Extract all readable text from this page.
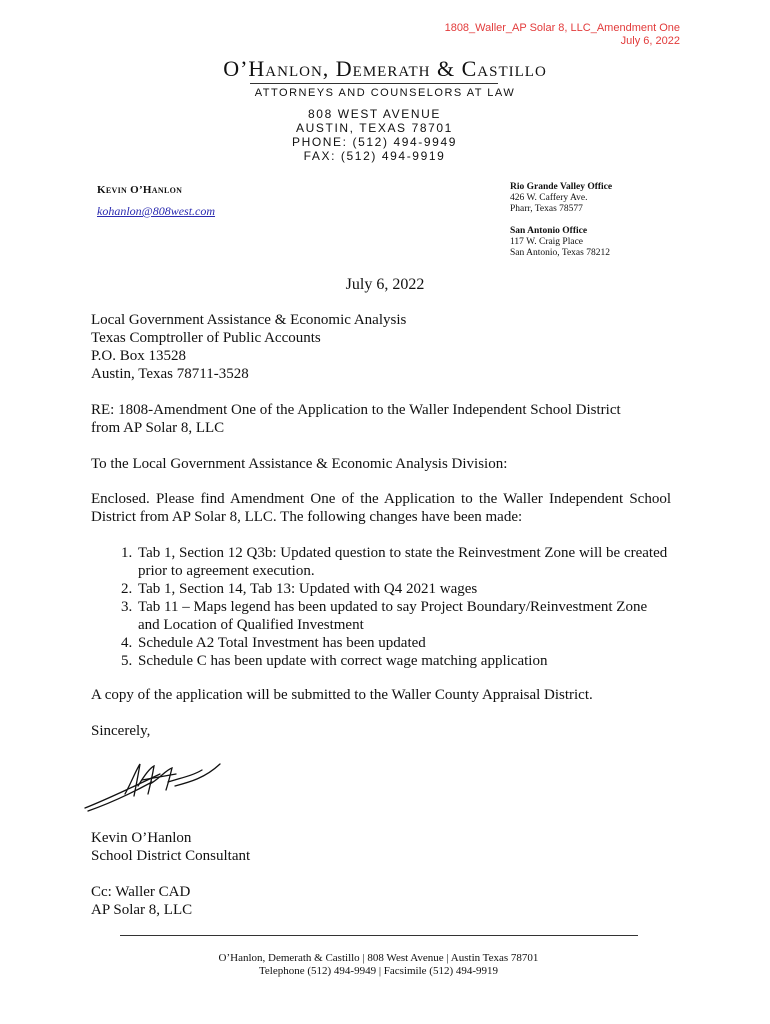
1808_Waller_AP Solar 8, LLC_Amendment One
July 6, 2022
O’Hanlon, Demerath & Castillo
ATTORNEYS AND COUNSELORS AT LAW
808 WEST AVENUE
AUSTIN, TEXAS 78701
PHONE: (512) 494-9949
FAX: (512) 494-9919
Kevin O’Hanlon
kohanlon@808west.com
Rio Grande Valley Office
426 W. Caffery Ave.
Pharr, Texas 78577
San Antonio Office
117 W. Craig Place
San Antonio, Texas 78212
July 6, 2022
Local Government Assistance & Economic Analysis
Texas Comptroller of Public Accounts
P.O. Box 13528
Austin, Texas 78711-3528
RE: 1808-Amendment One of the Application to the Waller Independent School District
from AP Solar 8, LLC
To the Local Government Assistance & Economic Analysis Division:
Enclosed. Please find Amendment One of the Application to the Waller Independent School District from AP Solar 8, LLC. The following changes have been made:
1. Tab 1, Section 12 Q3b: Updated question to state the Reinvestment Zone will be created prior to agreement execution.
2. Tab 1, Section 14, Tab 13: Updated with Q4 2021 wages
3. Tab 11 – Maps legend has been updated to say Project Boundary/Reinvestment Zone and Location of Qualified Investment
4. Schedule A2 Total Investment has been updated
5. Schedule C has been update with correct wage matching application
A copy of the application will be submitted to the Waller County Appraisal District.
Sincerely,
Kevin O’Hanlon
School District Consultant
Cc: Waller CAD
AP Solar 8, LLC
O’Hanlon, Demerath & Castillo | 808 West Avenue | Austin Texas 78701
Telephone (512) 494-9949 | Facsimile (512) 494-9919
